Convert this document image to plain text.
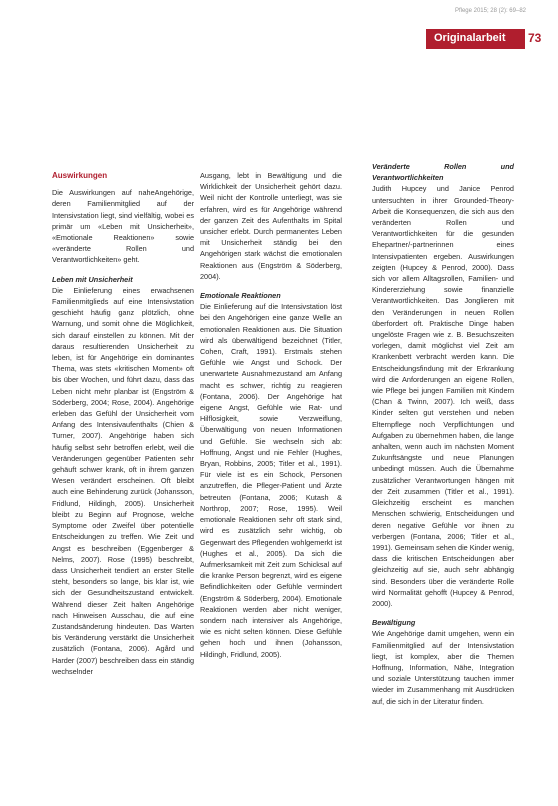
Pflege 2015; 28 (2): 69–82
Originalarbeit	73

Auswirkungen

Die Auswirkungen auf naheAngehörige, deren Familienmitglied auf der Intensivstation liegt, sind vielfältig, wobei es primär um «Leben mit Unsicherheit», «Emotionale Reaktionen» sowie «veränderte Rollen und Verantwortlichkeiten» geht.

Leben mit Unsicherheit

Die Einlieferung eines erwachsenen Familienmitglieds auf eine Intensivstation geschieht häufig ganz plötzlich, ohne Warnung, und somit ohne die Möglichkeit, sich darauf einstellen zu können. Mit der daraus resultierenden Unsicherheit zu leben, ist für Angehörige ein dominantes Thema, was stets «kritischen Moment» oft bis über Wochen, und führt dazu, dass das Leben nicht mehr planbar ist (Engström & Söderberg, 2004; Rose, 2004). Angehörige erleben das Gefühl der Unsicherheit vom Anfang des Intensivaufenthalts (Chien & Turner, 2007). Angehörige haben sich häufig selbst sehr betroffen erlebt, weil die Veränderungen gegenüber Patienten sehr gehäuft schwer krank, oft in ihrem ganzen Wesen verändert erscheinen. Oft bleibt auch eine Behinderung zurück (Johansson, Fridlund, Hildingh, 2005). Unsicherheit bleibt zu Beginn auf Prognose, welche Symptome oder Zweifel über potentielle Entscheidungen zu treffen. Wie Zeit und Angst es beschreiben (Eggenberger & Nelms, 2007). Rose (1995) beschreibt, dass Unsicherheit tendiert an erster Stelle steht, besonders so lange, bis klar ist, wie sich der Gesundheitszustand entwickelt. Während dieser Zeit halten Angehörige nach Hinweisen Ausschau, die auf eine Zustandsänderung hindeuten. Das Warten bis Veränderung verstärkt die Unsicherheit zusätzlich (Fontana, 2006). Agård und Harder (2007) beschreiben dass ein ständig wechselnder

Ausgang, lebt in Bewältigung und die Wirklichkeit der Unsicherheit gehört dazu. Weil nicht der Kontrolle unterliegt, was sie erfahren, wird es für Angehörige während der ganzen Zeit des Aufenthalts im Spital unsicher erlebt. Durch permanentes Leben mit Unsicherheit ständig bei den Angehörigen stark wächst die emotionalen Reaktionen aus (Engström & Söderberg, 2004).

Emotionale Reaktionen

Die Einlieferung auf die Intensivstation löst bei den Angehörigen eine ganze Welle an emotionalen Reaktionen aus. Die Situation wird als überwältigend bezeichnet (Titler, Cohen, Craft, 1991). Erstmals stehen Gefühle wie Angst und Schock. Der unerwartete Ausnahmezustand am Anfang macht es schwer, richtig zu reagieren (Fontana, 2006). Der Angehörige hat eigene Angst, Gefühle wie Rat- und Hilflosigkeit, sowie Verzweiflung, Überwältigung von neuen Informationen und Gefühle. Sie wechseln sich ab: Hoffnung, Angst und nie Fehler (Hughes, Bryan, Robbins, 2005; Titler et al., 1991). Für viele ist es ein Schock, Personen anzutreffen, die Pfleger-Patient und Ärzte betreuten (Fontana, 2006; Kutash & Northrop, 2007; Rose, 1995). Weil emotionale Reaktionen sehr oft stark sind, wird es zusätzlich sehr wichtig, ob Gegenwart des Pflegenden wohlgemerkt ist (Hughes et al., 2005). Da sich die Aufmerksamkeit mit Zeit zum Schicksal auf die kranke Person begrenzt, wird es eigene Befindlichkeiten oder Gefühle vermindert (Engström & Söderberg, 2004). Emotionale Reaktionen werden aber nicht weniger, sondern nach intensiver als Angehörige, wie es nicht selten können. Diese Gefühle gehen hoch und ihnen (Johansson, Hildingh, Fridlund, 2005).

Veränderte Rollen und Verantwortlichkeiten

Judith Hupcey und Janice Penrod untersuchten in ihrer Grounded-Theory-Arbeit die Konsequenzen, die sich aus den veränderten Rollen und Verantwortlichkeiten für die gesunden Ehepartner/-partnerinnen eines Intensivpatienten ergeben. Auswirkungen zeigten (Hupcey & Penrod, 2000). Dass sich vor allem Alltagsrollen, Familien- und Kindererziehung sowie finanzielle Verantwortlichkeiten. Das Jonglieren mit den Veränderungen in neuen Rollen überfordert oft. Praktische Dinge haben ungelöste Fragen wie z. B. Besuchszeiten vorlegen, damit möglichst viel Zeit am Krankenbett verbracht werden kann. Die Entscheidungsfindung mit der Erkrankung wird die Anforderungen an eigene Rollen, wie Pflege bei jungen Familien mit Kindern (Chan & Twinn, 2007). Ich weiß, dass Kinder selten gut verstehen und neben Elternpflege noch Verpflichtungen und Aufgaben zu übernehmen haben, die lange anhalten, wenn auch im nächsten Moment Zukunftsängste und neue Planungen unbedingt müssen. Auch die Übernahme zusätzlicher Verantwortungen hängen mit der Zeit zusammen (Titler et al., 1991). Gleichzeitig erscheint es manchen Menschen schwierig, Entscheidungen und deren negative Gefühle vor ihnen zu verbergen (Fontana, 2006; Titler et al., 1991). Gemeinsam sehen die Kinder wenig, dass die kritischen Entscheidungen aber gleichzeitig auf sie, auch sehr abhängig sind. Besonders über die veränderte Rolle wird Normalität gehofft (Hupcey & Penrod, 2000).

Bewältigung

Wie Angehörige damit umgehen, wenn ein Familienmitglied auf der Intensivstation liegt, ist komplex, aber die Themen Hoffnung, Information, Nähe, Integration und soziale Unterstützung tauchen immer wieder im Zusammenhang mit Ausdrücken auf, die sich in der Literatur finden.
